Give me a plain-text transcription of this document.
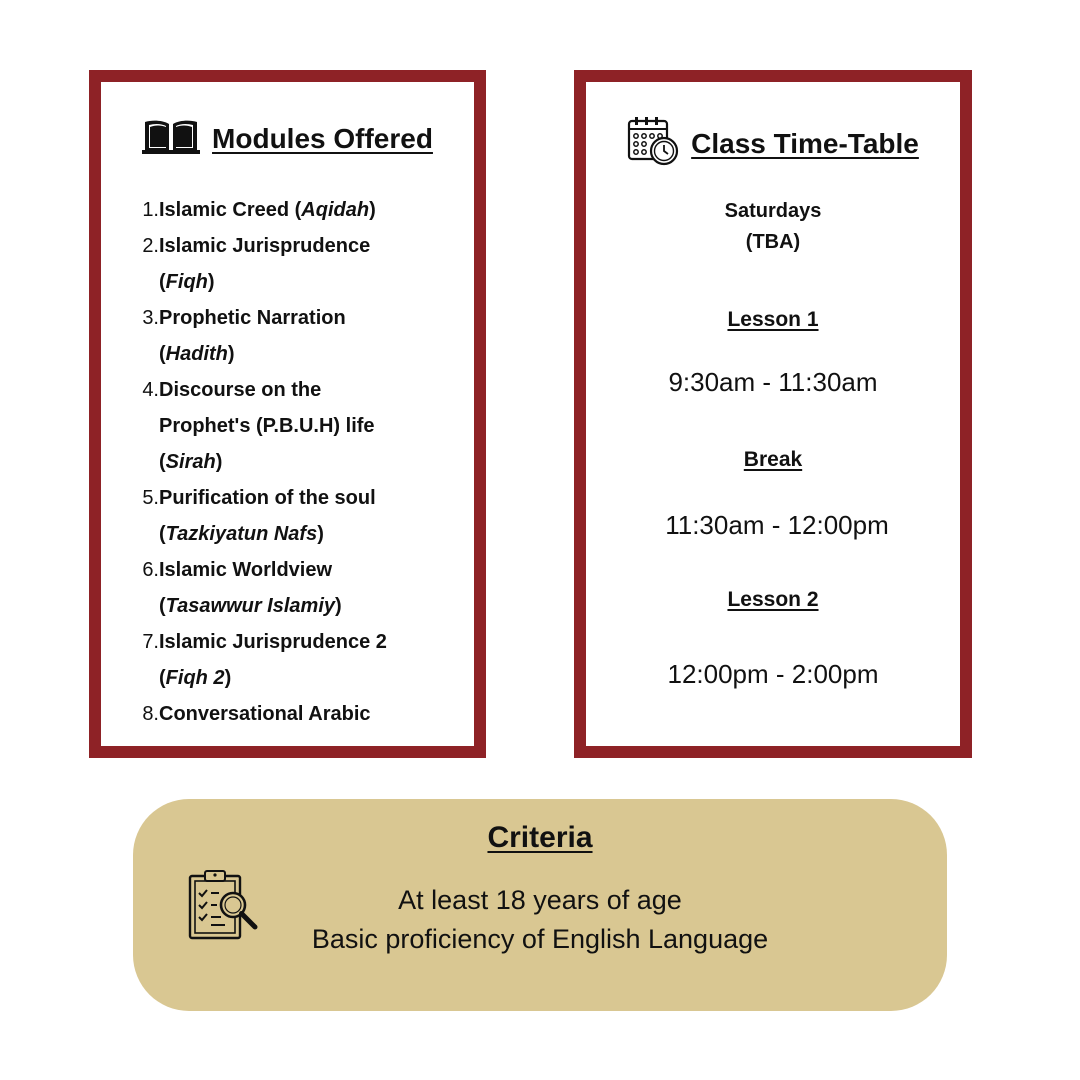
Modules Offered
1. Islamic Creed (Aqidah)
2. Islamic Jurisprudence
(Fiqh)
3. Prophetic Narration
(Hadith)
4. Discourse on the
Prophet's (P.B.U.H) life
(Sirah)
5. Purification of the soul
(Tazkiyatun Nafs)
6. Islamic Worldview
(Tasawwur Islamiy)
7. Islamic Jurisprudence 2
(Fiqh 2)
8. Conversational Arabic
Class Time-Table
Saturdays
(TBA)
Lesson 1
9:30am - 11:30am
Break
11:30am - 12:00pm
Lesson 2
12:00pm - 2:00pm
Criteria
At least 18 years of age
Basic proficiency of English Language
